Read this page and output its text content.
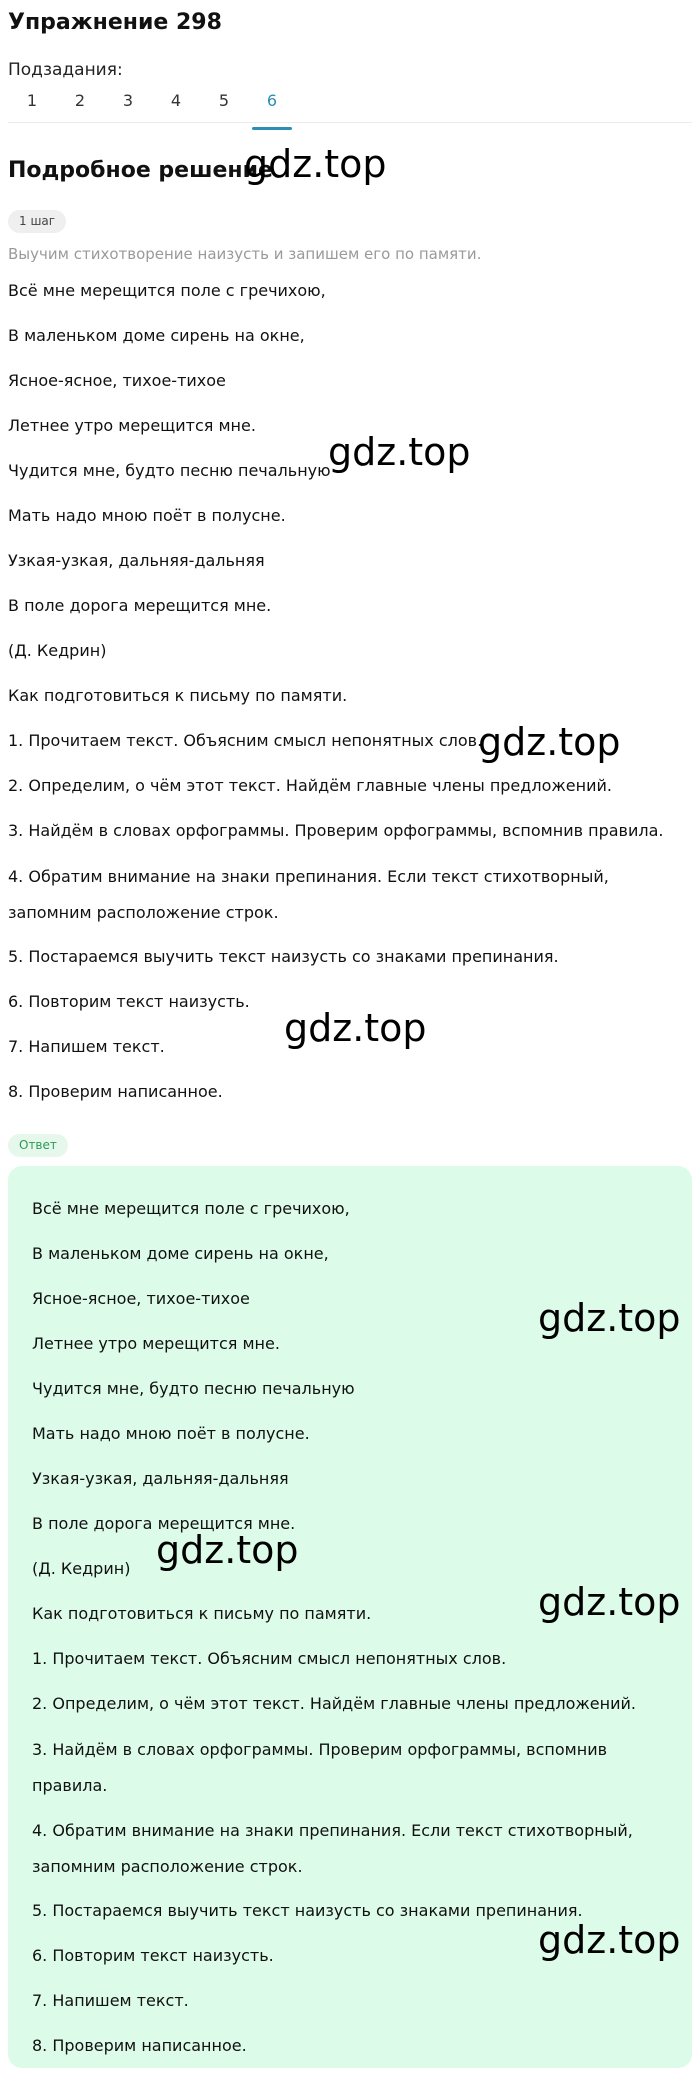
Упражнение 298
Подзадания:
1	2	3	4	5	6
Подробное решение
1 шаг
Выучим стихотворение наизусть и запишем его по памяти.
Всё мне мерещится поле с гречихою,
В маленьком доме сирень на окне,
Ясное-ясное, тихое-тихое
Летнее утро мерещится мне.
Чудится мне, будто песню печальную
Мать надо мною поёт в полусне.
Узкая-узкая, дальняя-дальняя
В поле дорога мерещится мне.
(Д. Кедрин)
Как подготовиться к письму по памяти.
1. Прочитаем текст. Объясним смысл непонятных слов.
2. Определим, о чём этот текст. Найдём главные члены предложений.
3. Найдём в словах орфограммы. Проверим орфограммы, вспомнив правила.
4. Обратим внимание на знаки препинания. Если текст стихотворный, запомним расположение строк.
5. Постараемся выучить текст наизусть со знаками препинания.
6. Повторим текст наизусть.
7. Напишем текст.
8. Проверим написанное.
Ответ
Всё мне мерещится поле с гречихою,
В маленьком доме сирень на окне,
Ясное-ясное, тихое-тихое
Летнее утро мерещится мне.
Чудится мне, будто песню печальную
Мать надо мною поёт в полусне.
Узкая-узкая, дальняя-дальняя
В поле дорога мерещится мне.
(Д. Кедрин)
Как подготовиться к письму по памяти.
1. Прочитаем текст. Объясним смысл непонятных слов.
2. Определим, о чём этот текст. Найдём главные члены предложений.
3. Найдём в словах орфограммы. Проверим орфограммы, вспомнив правила.
4. Обратим внимание на знаки препинания. Если текст стихотворный, запомним расположение строк.
5. Постараемся выучить текст наизусть со знаками препинания.
6. Повторим текст наизусть.
7. Напишем текст.
8. Проверим написанное.
gdz.top
gdz.top
gdz.top
gdz.top
gdz.top
gdz.top
gdz.top
gdz.top
